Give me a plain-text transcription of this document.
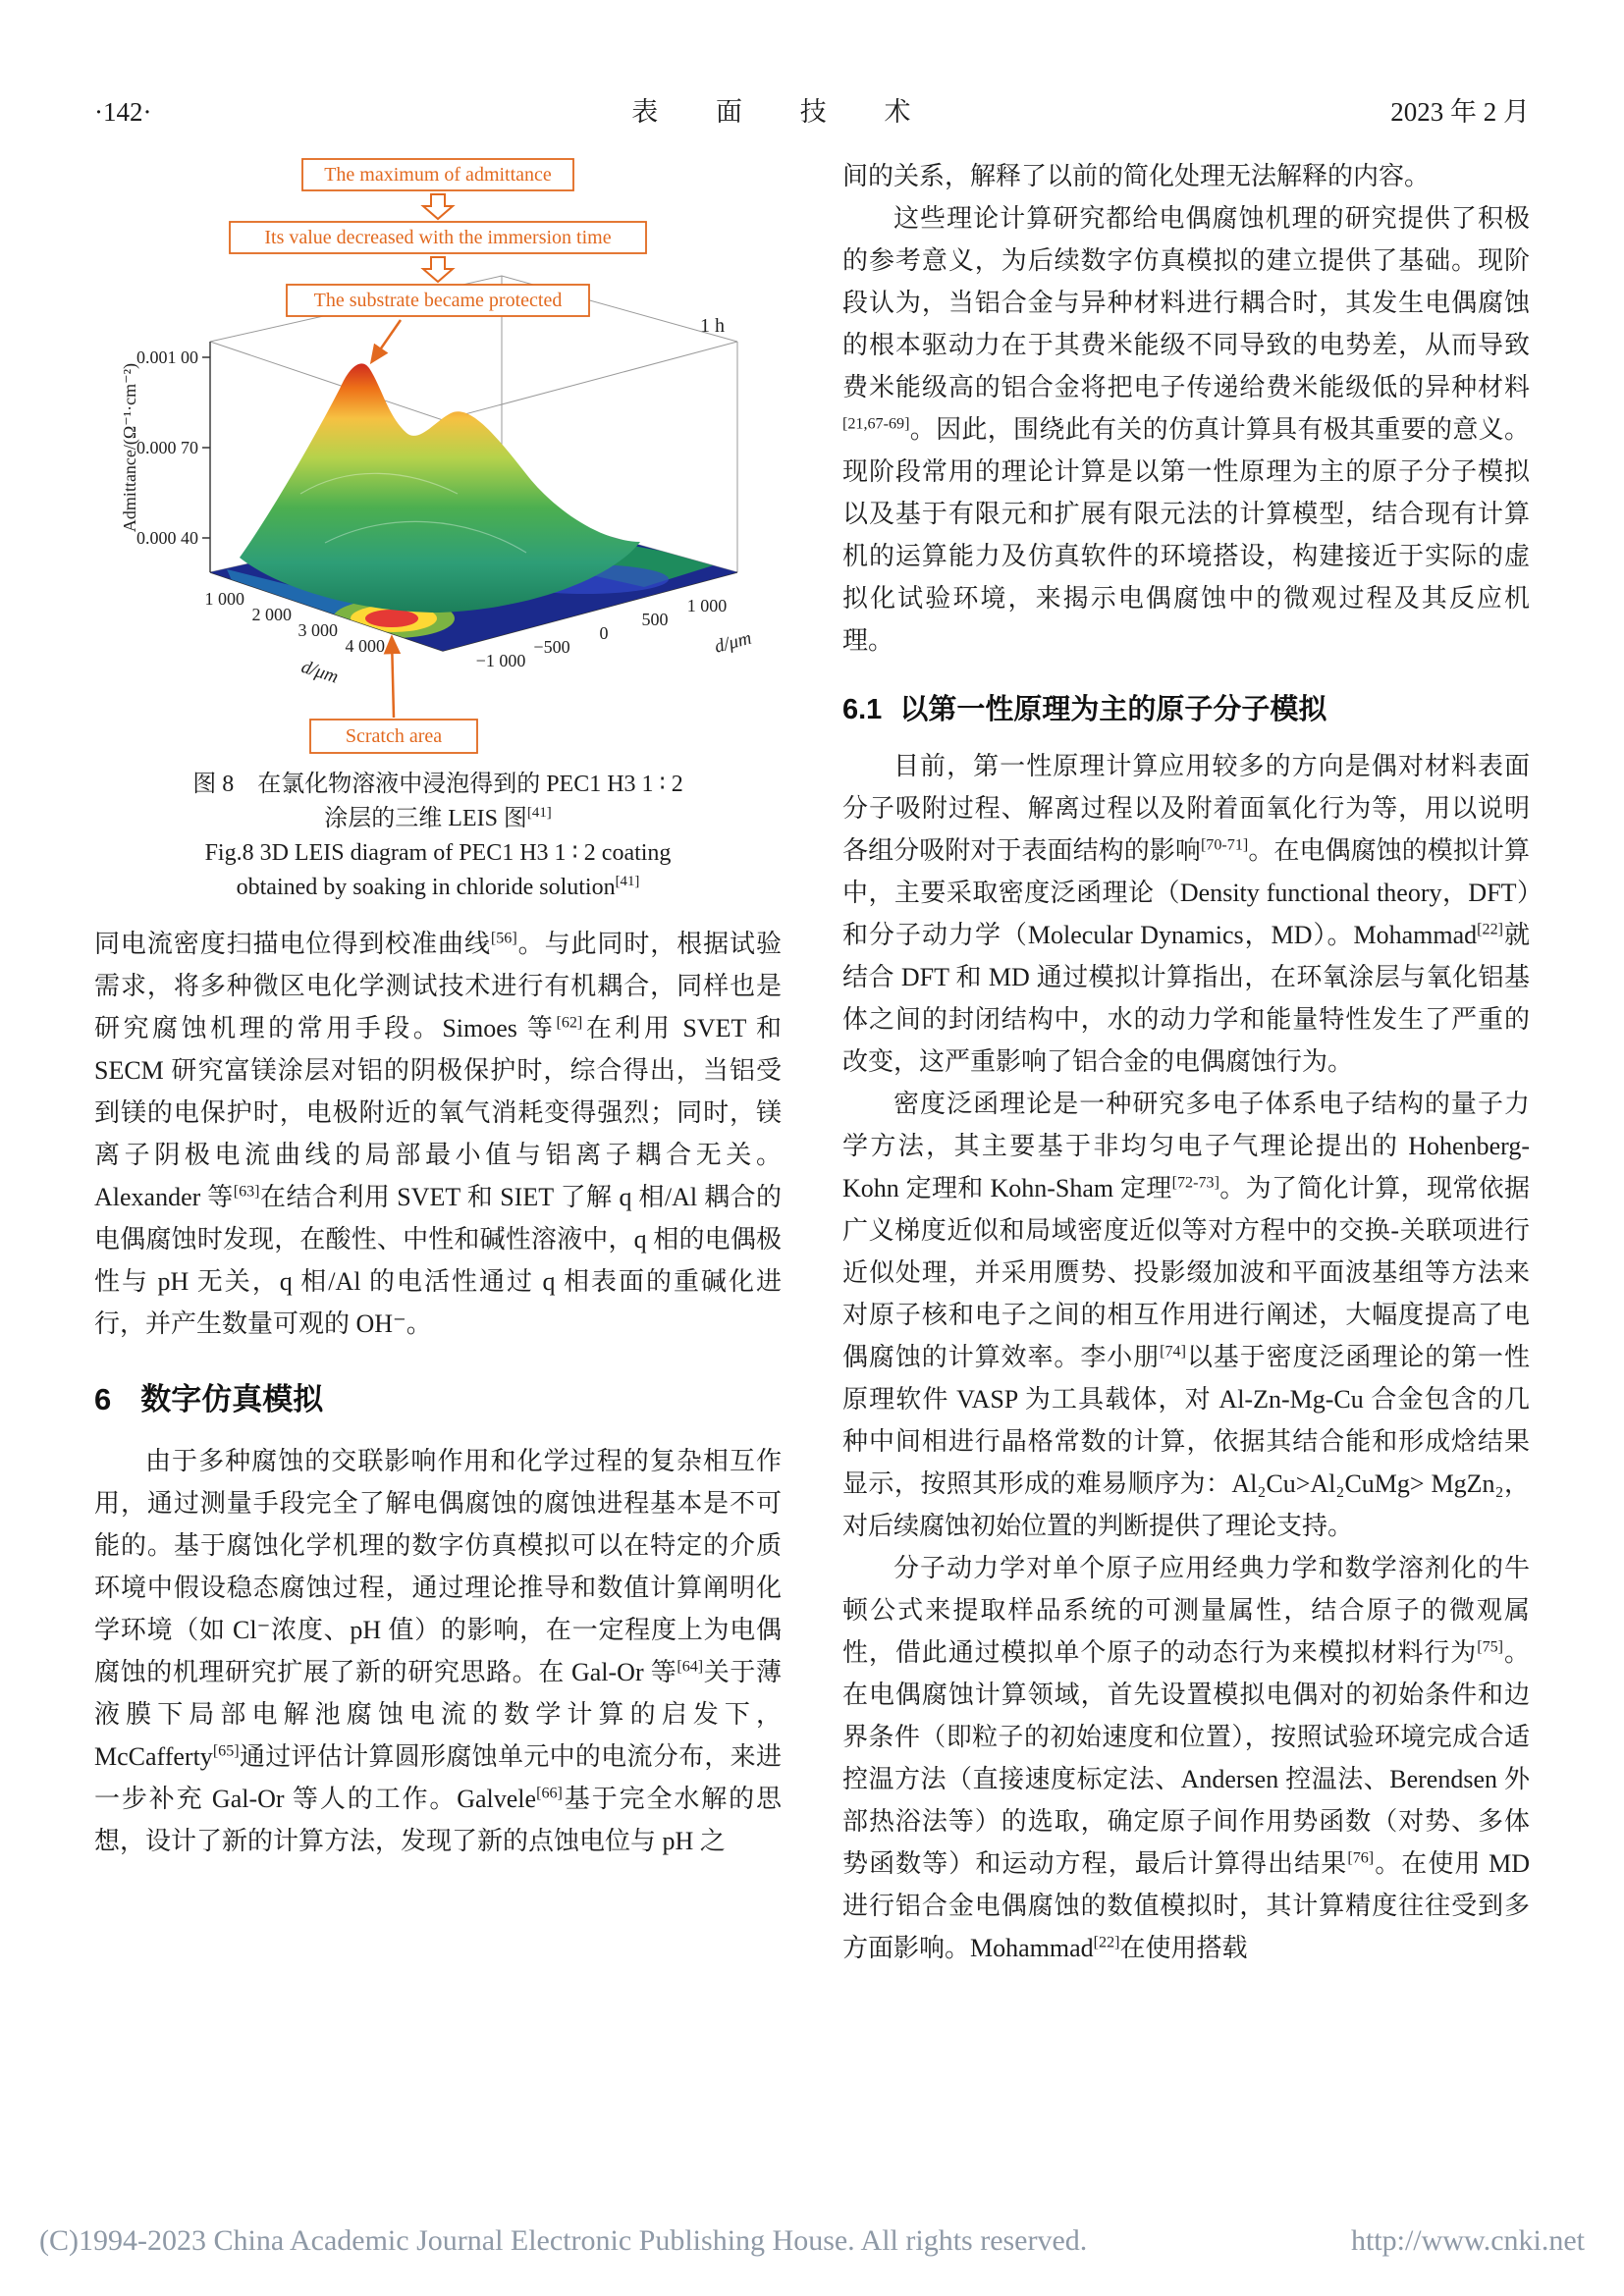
·142·	表 面 技 术	2023 年 2 月
0.001 00
0.000 70
0.000 40
Admittance/(Ω⁻¹·cm⁻²)
1 000
2 000
3 000
4 000
d/μm	−1 000
−500
0
500
1 000
d/μm
1 h
The maximum of admittance
Its value decreased with the immersion time
The substrate became protected
Scratch area
图 8　在氯化物溶液中浸泡得到的 PEC1 H3 1 ∶ 2
涂层的三维 LEIS 图[41]
Fig.8 3D LEIS diagram of PEC1 H3 1 ∶ 2 coating
obtained by soaking in chloride solution[41]

同电流密度扫描电位得到校准曲线[56]。与此同时，根据试验需求，将多种微区电化学测试技术进行有机耦合，同样也是研究腐蚀机理的常用手段。Simoes 等[62]在利用 SVET 和 SECM 研究富镁涂层对铝的阴极保护时，综合得出，当铝受到镁的电保护时，电极附近的氧气消耗变得强烈；同时，镁离子阴极电流曲线的局部最小值与铝离子耦合无关。Alexander 等[63]在结合利用 SVET 和 SIET 了解 q 相/Al 耦合的电偶腐蚀时发现，在酸性、中性和碱性溶液中，q 相的电偶极性与 pH 无关，q 相/Al 的电活性通过 q 相表面的重碱化进行，并产生数量可观的 OH⁻。

6 数字仿真模拟

由于多种腐蚀的交联影响作用和化学过程的复杂相互作用，通过测量手段完全了解电偶腐蚀的腐蚀进程基本是不可能的。基于腐蚀化学机理的数字仿真模拟可以在特定的介质环境中假设稳态腐蚀过程，通过理论推导和数值计算阐明化学环境（如 Cl⁻浓度、pH 值）的影响，在一定程度上为电偶腐蚀的机理研究扩展了新的研究思路。在 Gal-Or 等[64]关于薄液膜下局部电解池腐蚀电流的数学计算的启发下，McCafferty[65]通过评估计算圆形腐蚀单元中的电流分布，来进一步补充 Gal-Or 等人的工作。Galvele[66]基于完全水解的思想，设计了新的计算方法，发现了新的点蚀电位与 pH 之

间的关系，解释了以前的简化处理无法解释的内容。

这些理论计算研究都给电偶腐蚀机理的研究提供了积极的参考意义，为后续数字仿真模拟的建立提供了基础。现阶段认为，当铝合金与异种材料进行耦合时，其发生电偶腐蚀的根本驱动力在于其费米能级不同导致的电势差，从而导致费米能级高的铝合金将把电子传递给费米能级低的异种材料[21,67-69]。因此，围绕此有关的仿真计算具有极其重要的意义。现阶段常用的理论计算是以第一性原理为主的原子分子模拟以及基于有限元和扩展有限元法的计算模型，结合现有计算机的运算能力及仿真软件的环境搭设，构建接近于实际的虚拟化试验环境，来揭示电偶腐蚀中的微观过程及其反应机理。

6.1 以第一性原理为主的原子分子模拟

目前，第一性原理计算应用较多的方向是偶对材料表面分子吸附过程、解离过程以及附着面氧化行为等，用以说明各组分吸附对于表面结构的影响[70-71]。在电偶腐蚀的模拟计算中，主要采取密度泛函理论（Density functional theory，DFT）和分子动力学（Molecular Dynamics，MD）。Mohammad[22]就结合 DFT 和 MD 通过模拟计算指出，在环氧涂层与氧化铝基体之间的封闭结构中，水的动力学和能量特性发生了严重的改变，这严重影响了铝合金的电偶腐蚀行为。

密度泛函理论是一种研究多电子体系电子结构的量子力学方法，其主要基于非均匀电子气理论提出的 Hohenberg-Kohn 定理和 Kohn-Sham 定理[72-73]。为了简化计算，现常依据广义梯度近似和局域密度近似等对方程中的交换-关联项进行近似处理，并采用赝势、投影缀加波和平面波基组等方法来对原子核和电子之间的相互作用进行阐述，大幅度提高了电偶腐蚀的计算效率。李小朋[74]以基于密度泛函理论的第一性原理软件 VASP 为工具载体，对 Al-Zn-Mg-Cu 合金包含的几种中间相进行晶格常数的计算，依据其结合能和形成焓结果显示，按照其形成的难易顺序为：Al₂Cu>Al₂CuMg> MgZn₂，对后续腐蚀初始位置的判断提供了理论支持。

分子动力学对单个原子应用经典力学和数学溶剂化的牛顿公式来提取样品系统的可测量属性，结合原子的微观属性，借此通过模拟单个原子的动态行为来模拟材料行为[75]。在电偶腐蚀计算领域，首先设置模拟电偶对的初始条件和边界条件（即粒子的初始速度和位置），按照试验环境完成合适控温方法（直接速度标定法、Andersen 控温法、Berendsen 外部热浴法等）的选取，确定原子间作用势函数（对势、多体势函数等）和运动方程，最后计算得出结果[76]。在使用 MD 进行铝合金电偶腐蚀的数值模拟时，其计算精度往往受到多方面影响。Mohammad[22]在使用搭载

(C)1994-2023 China Academic Journal Electronic Publishing House. All rights reserved.	http://www.cnki.net
